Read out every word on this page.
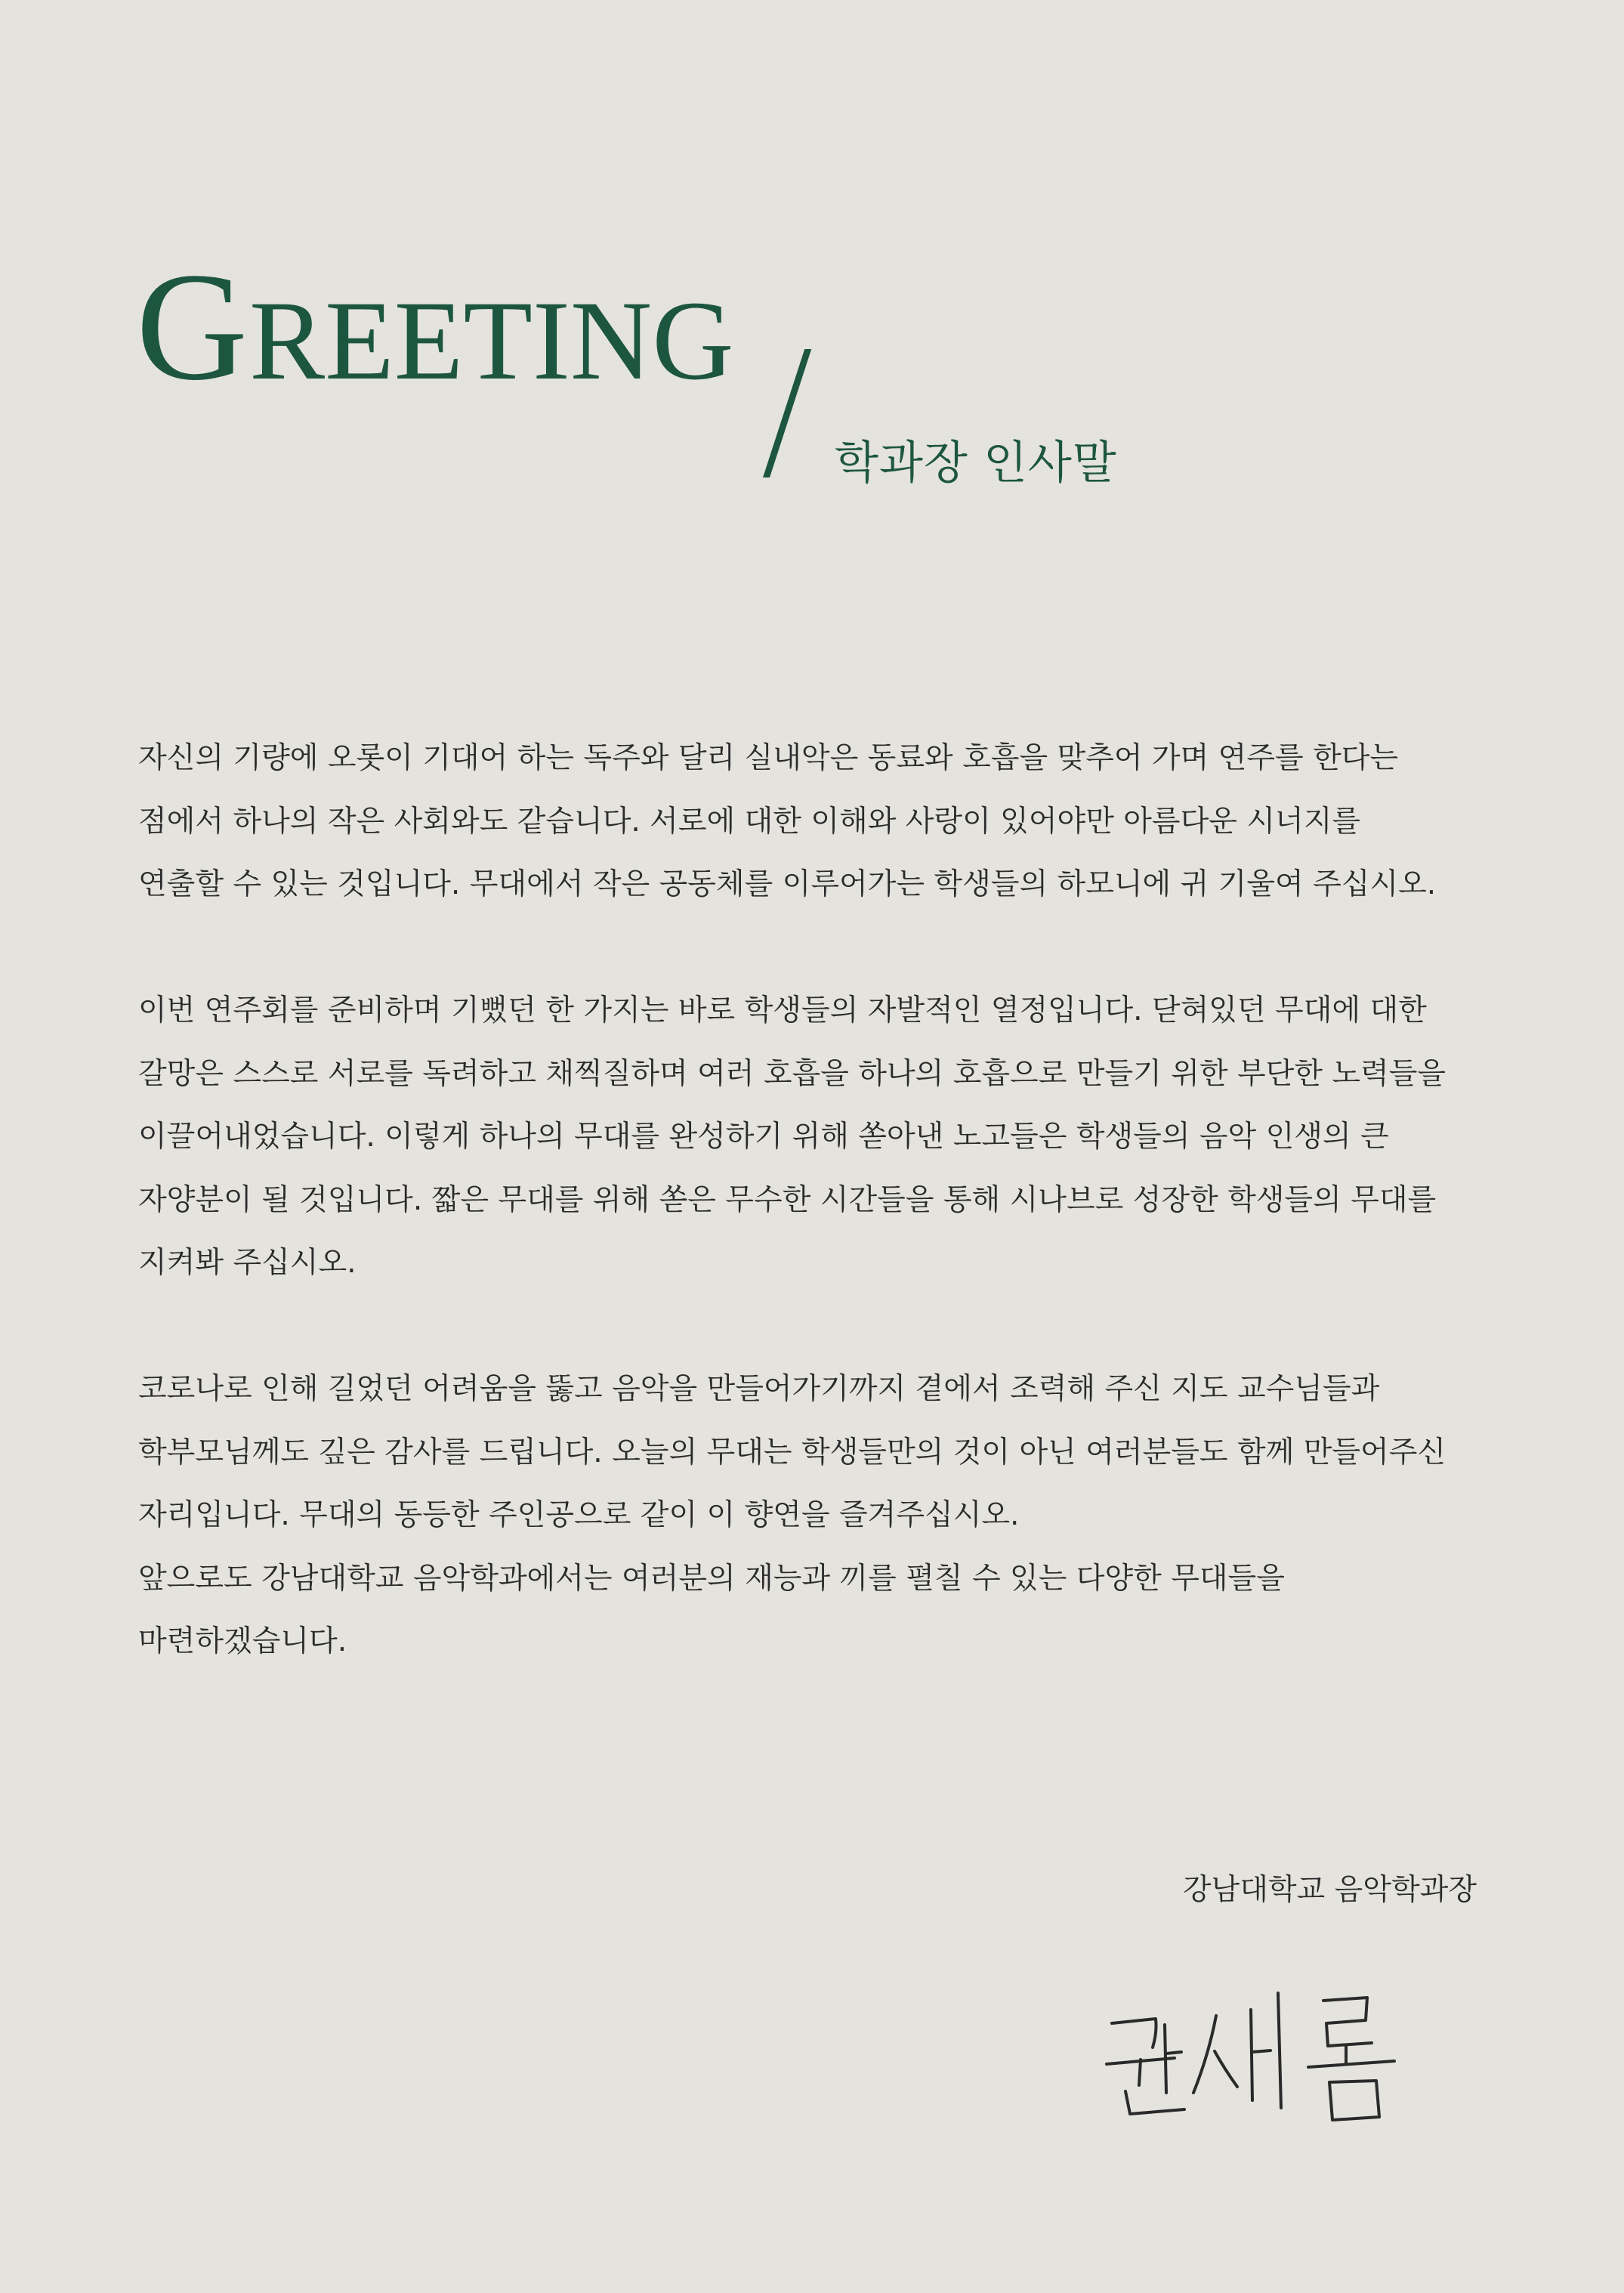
GREETING
학과장 인사말
자신의 기량에 오롯이 기대어 하는 독주와 달리 실내악은 동료와 호흡을 맞추어 가며 연주를 한다는
점에서 하나의 작은 사회와도 같습니다. 서로에 대한 이해와 사랑이 있어야만 아름다운 시너지를
연출할 수 있는 것입니다. 무대에서 작은 공동체를 이루어가는 학생들의 하모니에 귀 기울여 주십시오.
이번 연주회를 준비하며 기뻤던 한 가지는 바로 학생들의 자발적인 열정입니다. 닫혀있던 무대에 대한
갈망은 스스로 서로를 독려하고 채찍질하며 여러 호흡을 하나의 호흡으로 만들기 위한 부단한 노력들을
이끌어내었습니다. 이렇게 하나의 무대를 완성하기 위해 쏟아낸 노고들은 학생들의 음악 인생의 큰
자양분이 될 것입니다. 짧은 무대를 위해 쏟은 무수한 시간들을 통해 시나브로 성장한 학생들의 무대를
지켜봐 주십시오.
코로나로 인해 길었던 어려움을 뚫고 음악을 만들어가기까지 곁에서 조력해 주신 지도 교수님들과
학부모님께도 깊은 감사를 드립니다. 오늘의 무대는 학생들만의 것이 아닌 여러분들도 함께 만들어주신
자리입니다. 무대의 동등한 주인공으로 같이 이 향연을 즐겨주십시오.
앞으로도 강남대학교 음악학과에서는 여러분의 재능과 끼를 펼칠 수 있는 다양한 무대들을
마련하겠습니다.
강남대학교 음악학과장
